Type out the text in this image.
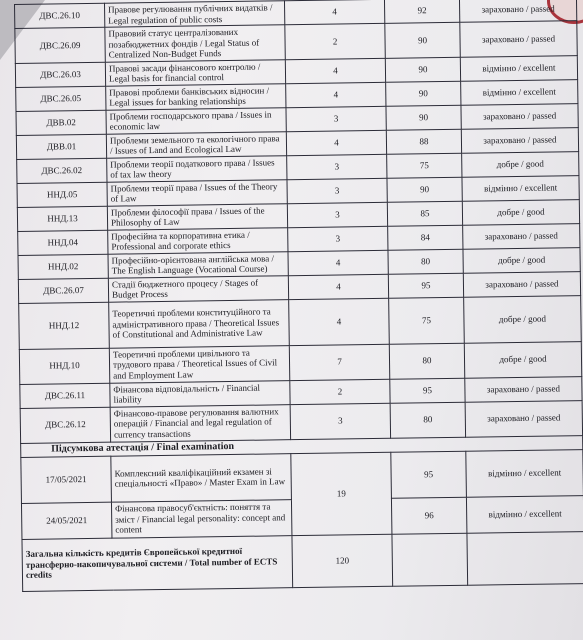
ДВС.26.10	Правове регулювання публічних видатків / Legal regulation of public costs	4	92	зараховано / passed
ДВС.26.09	Правовий статус централізованих позабюджетних фондів / Legal Status of Centralized Non-Budget Funds	2	90	зараховано / passed
ДВС.26.03	Правові засади фінансового контролю / Legal basis for financial control	4	90	відмінно / excellent
ДВС.26.05	Правові проблеми банківських відносин / Legal issues for banking relationships	4	90	відмінно / excellent
ДВВ.02	Проблеми господарського права / Issues in economic law	3	90	зараховано / passed
ДВВ.01	Проблеми земельного та екологічного права / Issues of Land and Ecological Law	4	88	зараховано / passed
ДВС.26.02	Проблеми теорії податкового права / Issues of tax law theory	3	75	добре / good
ННД.05	Проблеми теорії права / Issues of the Theory of Law	3	90	відмінно / excellent
ННД.13	Проблеми філософії права / Issues of the Philosophy of Law	3	85	добре / good
ННД.04	Професійна та корпоративна етика / Professional and corporate ethics	3	84	зараховано / passed
ННД.02	Професійно-орієнтована англійська мова / The English Language (Vocational Course)	4	80	добре / good
ДВС.26.07	Стадії бюджетного процесу / Stages of Budget Process	4	95	зараховано / passed
ННД.12	Теоретичні проблеми конституційного та адміністративного права / Theoretical Issues of Constitutional and Administrative Law	4	75	добре / good
ННД.10	Теоретичні проблеми цивільного та трудового права / Theoretical Issues of Civil and Employment Law	7	80	добре / good
ДВС.26.11	Фінансова відповідальність / Financial liability	2	95	зараховано / passed
ДВС.26.12	Фінансово-правове регулювання валютних операцій / Financial and legal regulation of currency transactions	3	80	зараховано / passed
Підсумкова атестація / Final examination				
17/05/2021	Комплексний кваліфікаційний екзамен зі спеціальності «Право» / Master Exam in Law	19	95	відмінно / excellent
24/05/2021	Фінансова правосуб'єктність: поняття та зміст / Financial legal personality: concept and content		96	відмінно / excellent
Загальна кількість кредитів Європейської кредитної трансферно-накопичувальної системи / Total number of ECTS credits		120		
